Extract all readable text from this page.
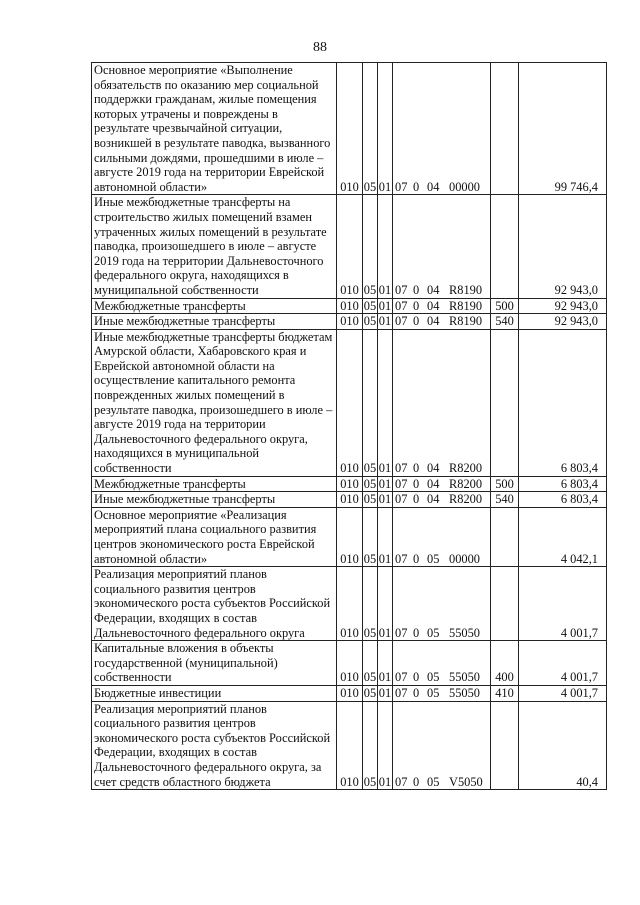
88
Основное мероприятие «Выполнение обязательств по оказанию мер социальной поддержки гражданам, жилые помещения которых утрачены и повреждены в результате чрезвычайной ситуации, возникшей в результате паводка, вызванного сильными дождями, прошедшими в июле – августе 2019 года на территории Еврейской автономной области»	010	05	01	07 0 04 00000		99 746,4
Иные межбюджетные трансферты на строительство жилых помещений взамен утраченных жилых помещений в результате паводка, произошедшего в июле – августе 2019 года на территории Дальневосточного федерального округа, находящихся в муниципальной собственности	010	05	01	07 0 04 R8190		92 943,0
Межбюджетные трансферты	010	05	01	07 0 04 R8190	500	92 943,0
Иные межбюджетные трансферты	010	05	01	07 0 04 R8190	540	92 943,0
Иные межбюджетные трансферты бюджетам Амурской области, Хабаровского края и Еврейской автономной области на осуществление капитального ремонта поврежденных жилых помещений в результате паводка, произошедшего в июле – августе 2019 года на территории Дальневосточного федерального округа, находящихся в муниципальной собственности	010	05	01	07 0 04 R8200		6 803,4
Межбюджетные трансферты	010	05	01	07 0 04 R8200	500	6 803,4
Иные межбюджетные трансферты	010	05	01	07 0 04 R8200	540	6 803,4
Основное мероприятие «Реализация мероприятий плана социального развития центров экономического роста Еврейской автономной области»	010	05	01	07 0 05 00000		4 042,1
Реализация мероприятий планов социального развития центров экономического роста субъектов Российской Федерации, входящих в состав Дальневосточного федерального округа	010	05	01	07 0 05 55050		4 001,7
Капитальные вложения в объекты государственной (муниципальной) собственности	010	05	01	07 0 05 55050	400	4 001,7
Бюджетные инвестиции	010	05	01	07 0 05 55050	410	4 001,7
Реализация мероприятий планов социального развития центров экономического роста субъектов Российской Федерации, входящих в состав Дальневосточного федерального округа, за счет средств областного бюджета	010	05	01	07 0 05 V5050		40,4
